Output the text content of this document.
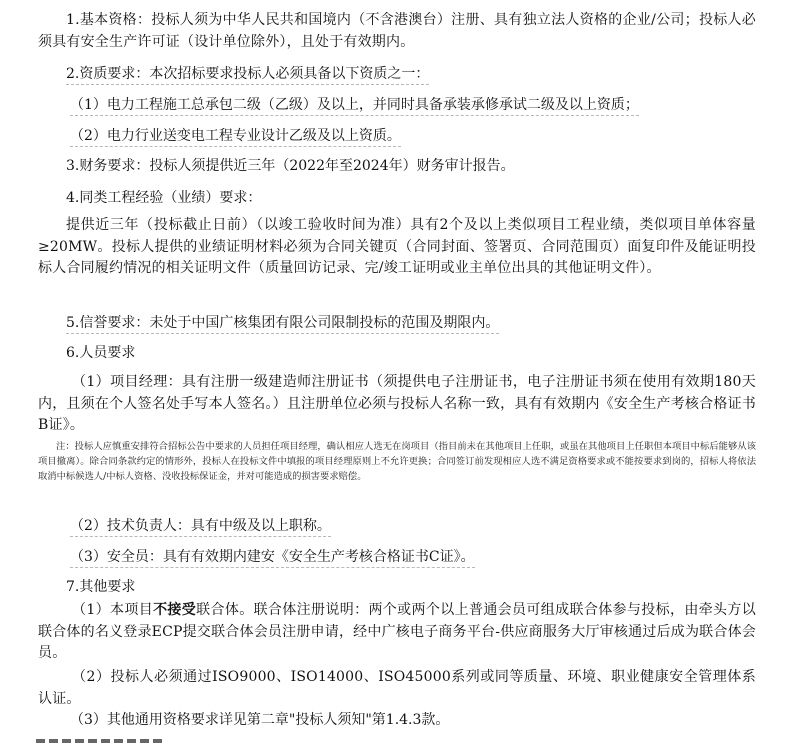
1.基本资格：投标人须为中华人民共和国境内（不含港澳台）注册、具有独立法人资格的企业/公司；投标人必须具有安全生产许可证（设计单位除外），且处于有效期内。
2.资质要求：本次招标要求投标人必须具备以下资质之一：
（1）电力工程施工总承包二级（乙级）及以上，并同时具备承装承修承试二级及以上资质；
（2）电力行业送变电工程专业设计乙级及以上资质。
3.财务要求：投标人须提供近三年（2022年至2024年）财务审计报告。
4.同类工程经验（业绩）要求：
提供近三年（投标截止日前）（以竣工验收时间为准）具有2个及以上类似项目工程业绩，类似项目单体容量≥20MW。投标人提供的业绩证明材料必须为合同关键页（合同封面、签署页、合同范围页）面复印件及能证明投标人合同履约情况的相关证明文件（质量回访记录、完/竣工证明或业主单位出具的其他证明文件）。
5.信誉要求：未处于中国广核集团有限公司限制投标的范围及期限内。
6.人员要求
（1）项目经理：具有注册一级建造师注册证书（须提供电子注册证书，电子注册证书须在使用有效期180天内，且须在个人签名处手写本人签名。）且注册单位必须与投标人名称一致，具有有效期内《安全生产考核合格证书B证》。
注：投标人应慎重安排符合招标公告中要求的人员担任项目经理，确认相应人选无在岗项目（指目前未在其他项目上任职，或虽在其他项目上任职但本项目中标后能够从该项目撤离）。除合同条款约定的情形外，投标人在投标文件中填报的项目经理原则上不允许更换；合同签订前发现相应人选不满足资格要求或不能按要求到岗的，招标人将依法取消中标候选人/中标人资格、没收投标保证金，并对可能造成的损害要求赔偿。
（2）技术负责人：具有中级及以上职称。
（3）安全员：具有有效期内建安《安全生产考核合格证书C证》。
7.其他要求
（1）本项目不接受联合体。联合体注册说明：两个或两个以上普通会员可组成联合体参与投标，由牵头方以联合体的名义登录ECP提交联合体会员注册申请，经中广核电子商务平台-供应商服务大厅审核通过后成为联合体会员。
（2）投标人必须通过ISO9000、ISO14000、ISO45000系列或同等质量、环境、职业健康安全管理体系认证。
（3）其他通用资格要求详见第二章"投标人须知"第1.4.3款。
